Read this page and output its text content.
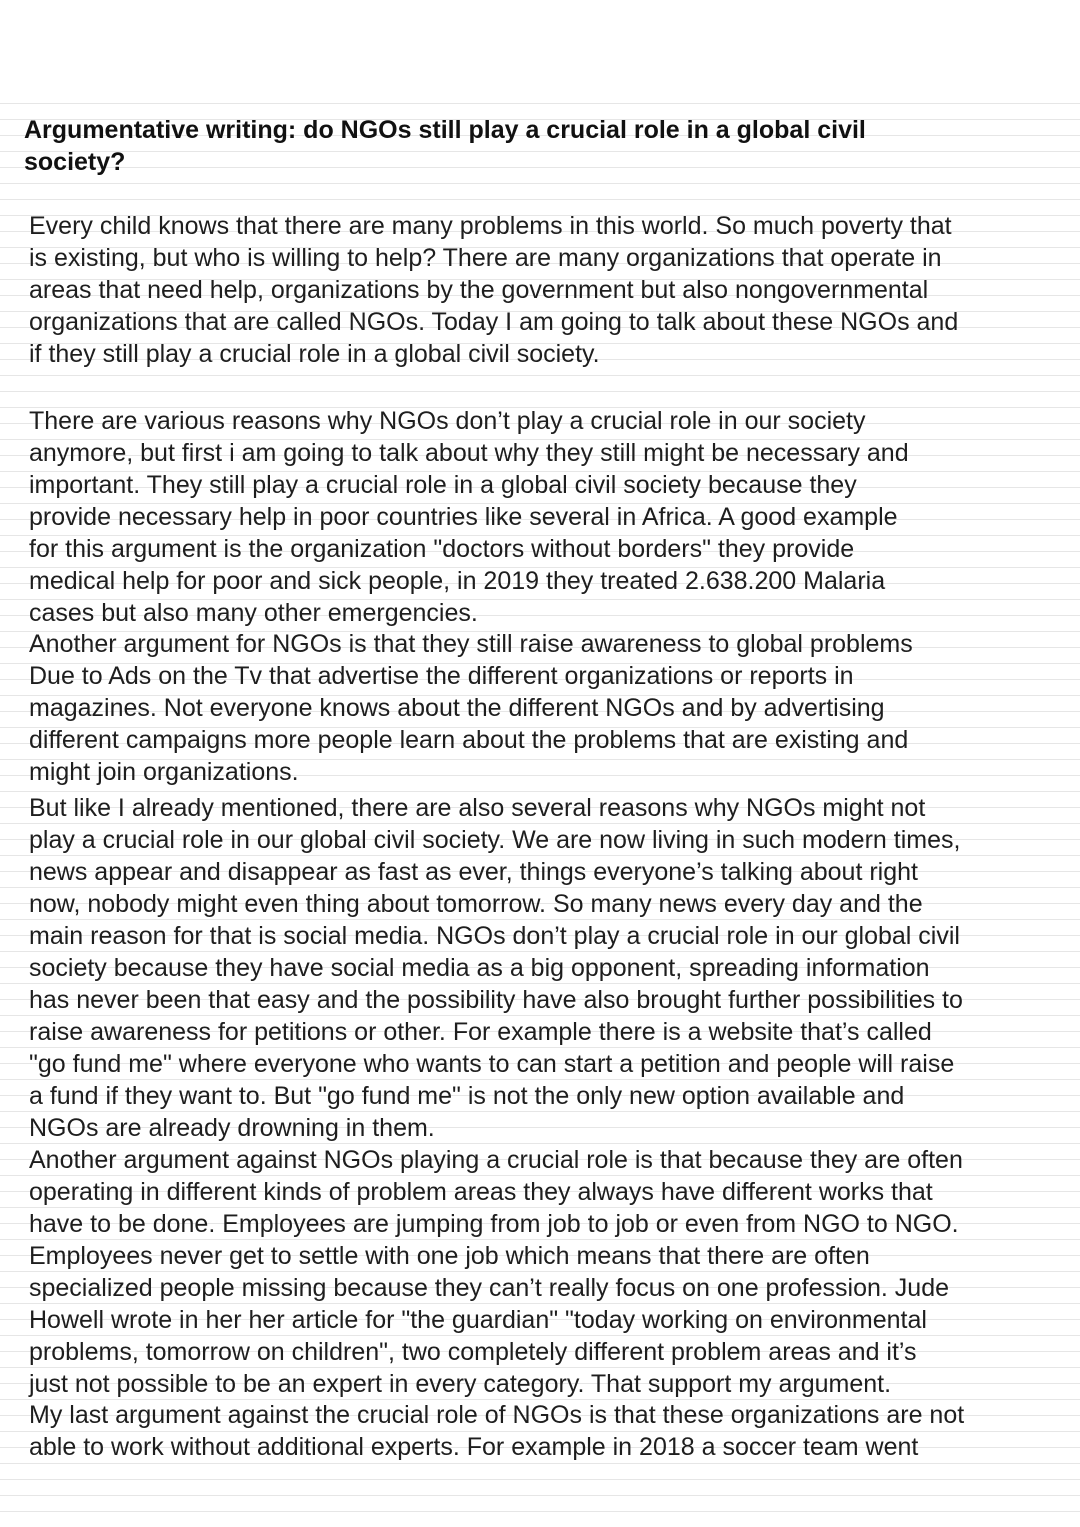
Argumentative writing: do NGOs still play a crucial role in a global civil
society?

Every child knows that there are many problems in this world. So much poverty that
is existing, but who is willing to help? There are many organizations that operate in
areas that need help, organizations by the government but also nongovernmental
organizations that are called NGOs. Today I am going to talk about these NGOs and
if they still play a crucial role in a global civil society.

There are various reasons why NGOs don’t play a crucial role in our society
anymore, but first i am going to talk about why they still might be necessary and
important. They still play a crucial role in a global civil society because they
provide necessary help in poor countries like several in Africa. A good example
for this argument is the organization "doctors without borders" they provide
medical help for poor and sick people, in 2019 they treated 2.638.200 Malaria
cases but also many other emergencies.

Another argument for NGOs is that they still raise awareness to global problems
Due to Ads on the Tv that advertise the different organizations or reports in
magazines. Not everyone knows about the different NGOs and by advertising
different campaigns more people learn about the problems that are existing and
might join organizations.

But like I already mentioned, there are also several reasons why NGOs might not
play a crucial role in our global civil society. We are now living in such modern times,
news appear and disappear as fast as ever, things everyone’s talking about right
now, nobody might even thing about tomorrow. So many news every day and the
main reason for that is social media. NGOs don’t play a crucial role in our global civil
society because they have social media as a big opponent, spreading information
has never been that easy and the possibility have also brought further possibilities to
raise awareness for petitions or other. For example there is a website that’s called
"go fund me" where everyone who wants to can start a petition and people will raise
a fund if they want to. But "go fund me" is not the only new option available and
NGOs are already drowning in them.

Another argument against NGOs playing a crucial role is that because they are often
operating in different kinds of problem areas they always have different works that
have to be done. Employees are jumping from job to job or even from NGO to NGO.
Employees never get to settle with one job which means that there are often
specialized people missing because they can’t really focus on one profession. Jude
Howell wrote in her her article for "the guardian" "today working on environmental
problems, tomorrow on children", two completely different problem areas and it’s
just not possible to be an expert in every category. That support my argument.

My last argument against the crucial role of NGOs is that these organizations are not
able to work without additional experts. For example in 2018 a soccer team went
